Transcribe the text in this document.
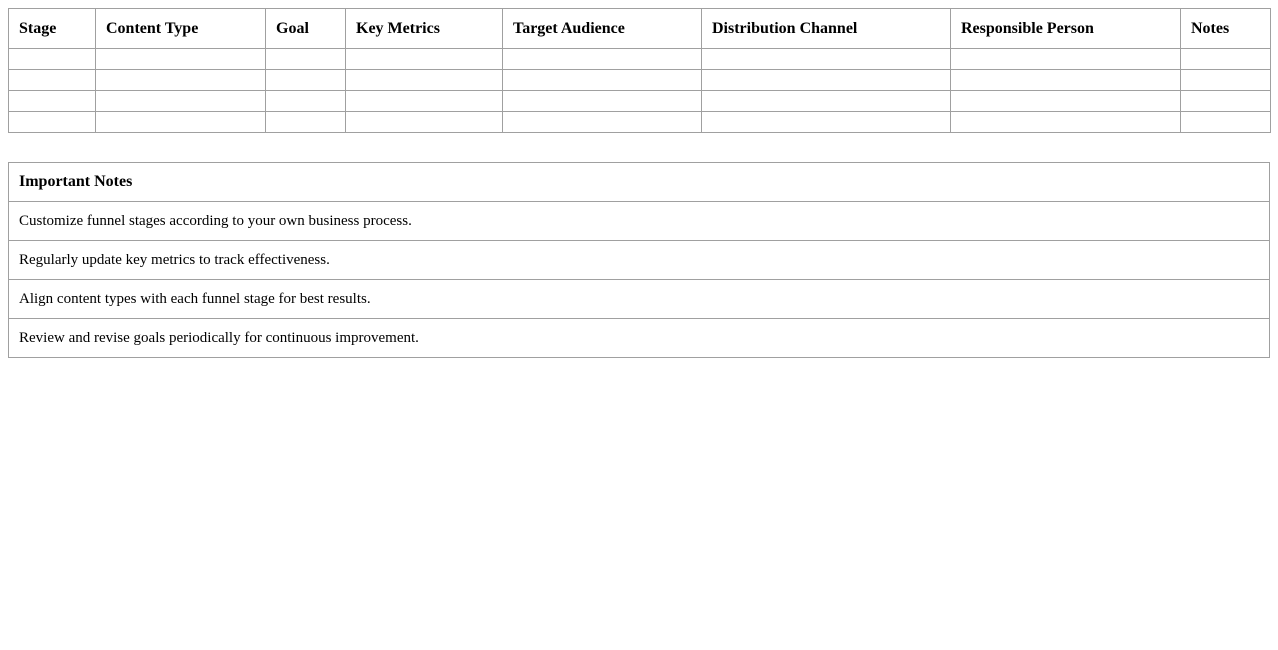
Stage	Content Type	Goal	Key Metrics	Target Audience	Distribution Channel	Responsible Person	Notes

Important Notes
Customize funnel stages according to your own business process.
Regularly update key metrics to track effectiveness.
Align content types with each funnel stage for best results.
Review and revise goals periodically for continuous improvement.
